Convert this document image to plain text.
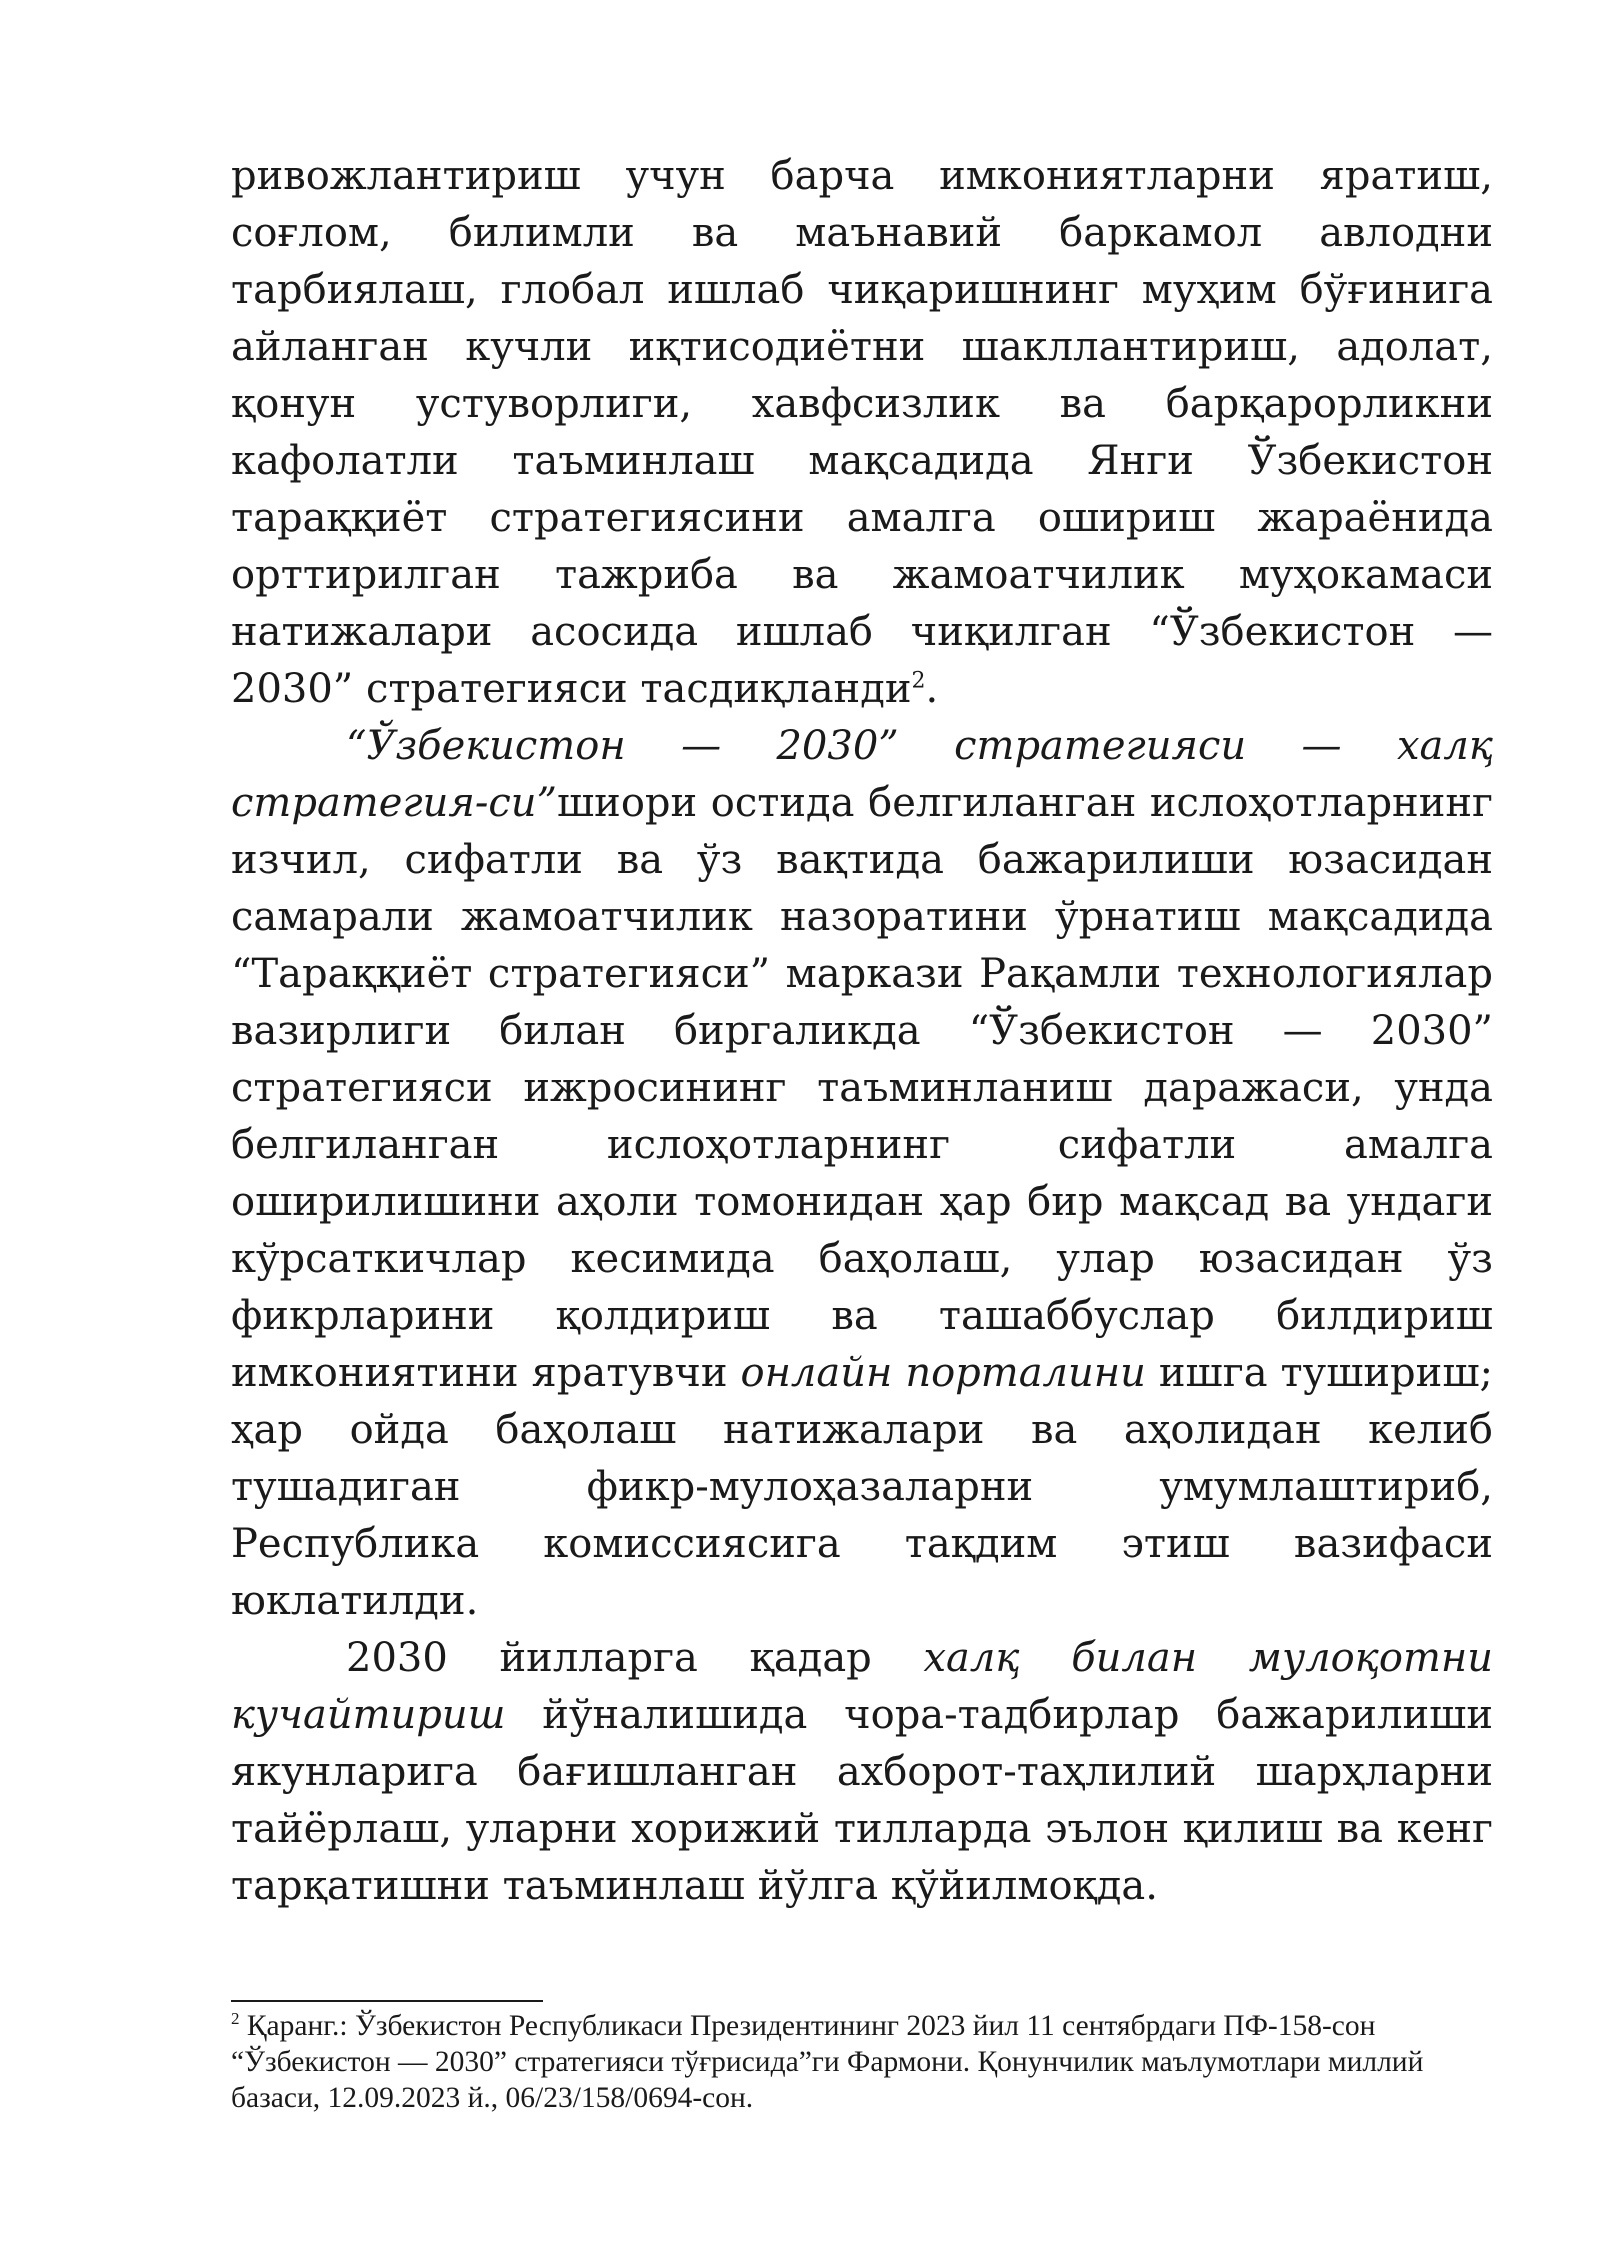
ривожлантириш учун барча имкониятларни яратиш, соғлом, билимли ва маънавий баркамол авлодни тарбиялаш, глобал ишлаб чиқаришнинг муҳим бўғинига айланган кучли иқтисодиётни шакллантириш, адолат, қонун устуворлиги, хавфсизлик ва барқарорликни кафолатли таъминлаш мақсадида Янги Ўзбекистон тараққиёт стратегиясини амалга ошириш жараёнида орттирилган тажриба ва жамоатчилик муҳокамаси натижалари асосида ишлаб чиқилган “Ўзбекистон — 2030” стратегияси тасдиқланди$^2$.

“Ўзбекистон — 2030” стратегияси — халқ стратегия-си”шиори остида белгиланган ислоҳотларнинг изчил, сифатли ва ўз вақтида бажарилиши юзасидан самарали жамоатчилик назоратини ўрнатиш мақсадида “Тараққиёт стратегияси” маркази Рақамли технологиялар вазирлиги билан биргаликда “Ўзбекистон — 2030” стратегияси ижросининг таъминланиш даражаси, унда белгиланган ислоҳотларнинг сифатли амалга оширилишини аҳоли томонидан ҳар бир мақсад ва ундаги кўрсаткичлар кесимида баҳолаш, улар юзасидан ўз фикрларини қолдириш ва ташаббуслар билдириш имкониятини яратувчи онлайн порталини ишга тушириш; ҳар ойда баҳолаш натижалари ва аҳолидан келиб тушадиган фикр-мулоҳазаларни умумлаштириб, Республика комиссиясига тақдим этиш вазифаси юклатилди.

2030 йилларга қадар халқ билан мулоқотни кучайтириш йўналишида чора-тадбирлар бажарилиши якунларига бағишланган ахборот-таҳлилий шарҳларни тайёрлаш, уларни хорижий тилларда эълон қилиш ва кенг тарқатишни таъминлаш йўлга қўйилмоқда.

$^2$ Қаранг.: Ўзбекистон Республикаси Президентининг 2023 йил 11 сентябрдаги ПФ-158-сон “Ўзбекистон — 2030” стратегияси тўғрисида”ги Фармони. Қонунчилик маълумотлари миллий базаси, 12.09.2023 й., 06/23/158/0694-сон.
